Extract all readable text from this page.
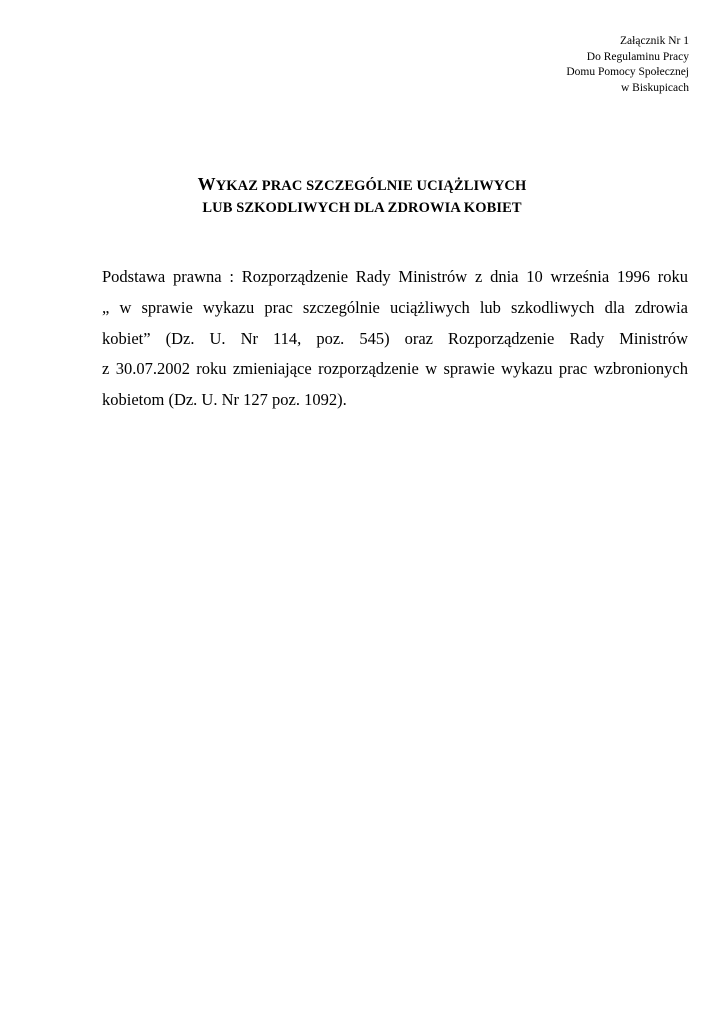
Załącznik Nr 1
Do Regulaminu Pracy
Domu Pomocy Społecznej
w Biskupicach
WYKAZ PRAC SZCZEGÓLNIE UCIĄŻLIWYCH
LUB SZKODLIWYCH DLA ZDROWIA KOBIET
Podstawa prawna : Rozporządzenie Rady Ministrów z dnia 10 września 1996 roku
„ w sprawie wykazu prac szczególnie uciążliwych lub szkodliwych dla zdrowia
kobiet” (Dz. U. Nr 114, poz. 545) oraz Rozporządzenie Rady Ministrów
z 30.07.2002 roku zmieniające rozporządzenie w sprawie wykazu prac wzbronionych
kobietom (Dz. U. Nr 127 poz. 1092).
